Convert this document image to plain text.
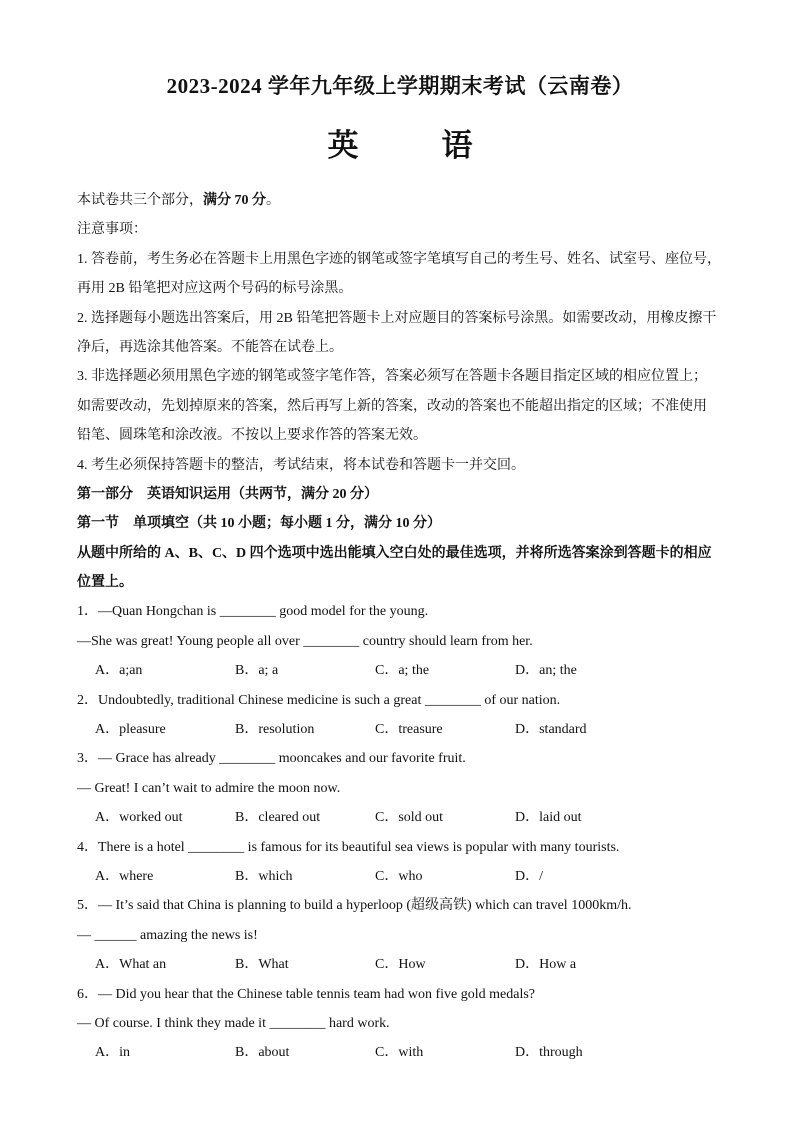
2023-2024 学年九年级上学期期末考试（云南卷）
英　语
本试卷共三个部分，满分 70 分。
注意事项：
1. 答卷前，考生务必在答题卡上用黑色字迹的钢笔或签字笔填写自己的考生号、姓名、试室号、座位号，
再用 2B 铅笔把对应这两个号码的标号涂黑。
2. 选择题每小题选出答案后，用 2B 铅笔把答题卡上对应题目的答案标号涂黑。如需要改动，用橡皮擦干
净后，再选涂其他答案。不能答在试卷上。
3. 非选择题必须用黑色字迹的钢笔或签字笔作答，答案必须写在答题卡各题目指定区域的相应位置上；
如需要改动，先划掉原来的答案，然后再写上新的答案，改动的答案也不能超出指定的区域；不准使用
铅笔、圆珠笔和涂改液。不按以上要求作答的答案无效。
4. 考生必须保持答题卡的整洁，考试结束，将本试卷和答题卡一并交回。
第一部分　英语知识运用（共两节，满分 20 分）
第一节　单项填空（共 10 小题；每小题 1 分，满分 10 分）
从题中所给的 A、B、C、D 四个选项中选出能填入空白处的最佳选项，并将所选答案涂到答题卡的相应
位置上。
1．—Quan Hongchan is ________ good model for the young.
—She was great! Young people all over ________ country should learn from her.
A．a;an	B．a; a	C．a; the	D．an; the
2．Undoubtedly, traditional Chinese medicine is such a great ________ of our nation.
A．pleasure	B．resolution	C．treasure	D．standard
3．— Grace has already ________ mooncakes and our favorite fruit.
— Great! I can’t wait to admire the moon now.
A．worked out	B．cleared out	C．sold out	D．laid out
4．There is a hotel ________ is famous for its beautiful sea views is popular with many tourists.
A．where	B．which	C．who	D．/
5．— It’s said that China is planning to build a hyperloop (超级高铁) which can travel 1000km/h.
— ______ amazing the news is!
A．What an	B．What	C．How	D．How a
6．— Did you hear that the Chinese table tennis team had won five gold medals?
— Of course. I think they made it ________ hard work.
A．in	B．about	C．with	D．through
